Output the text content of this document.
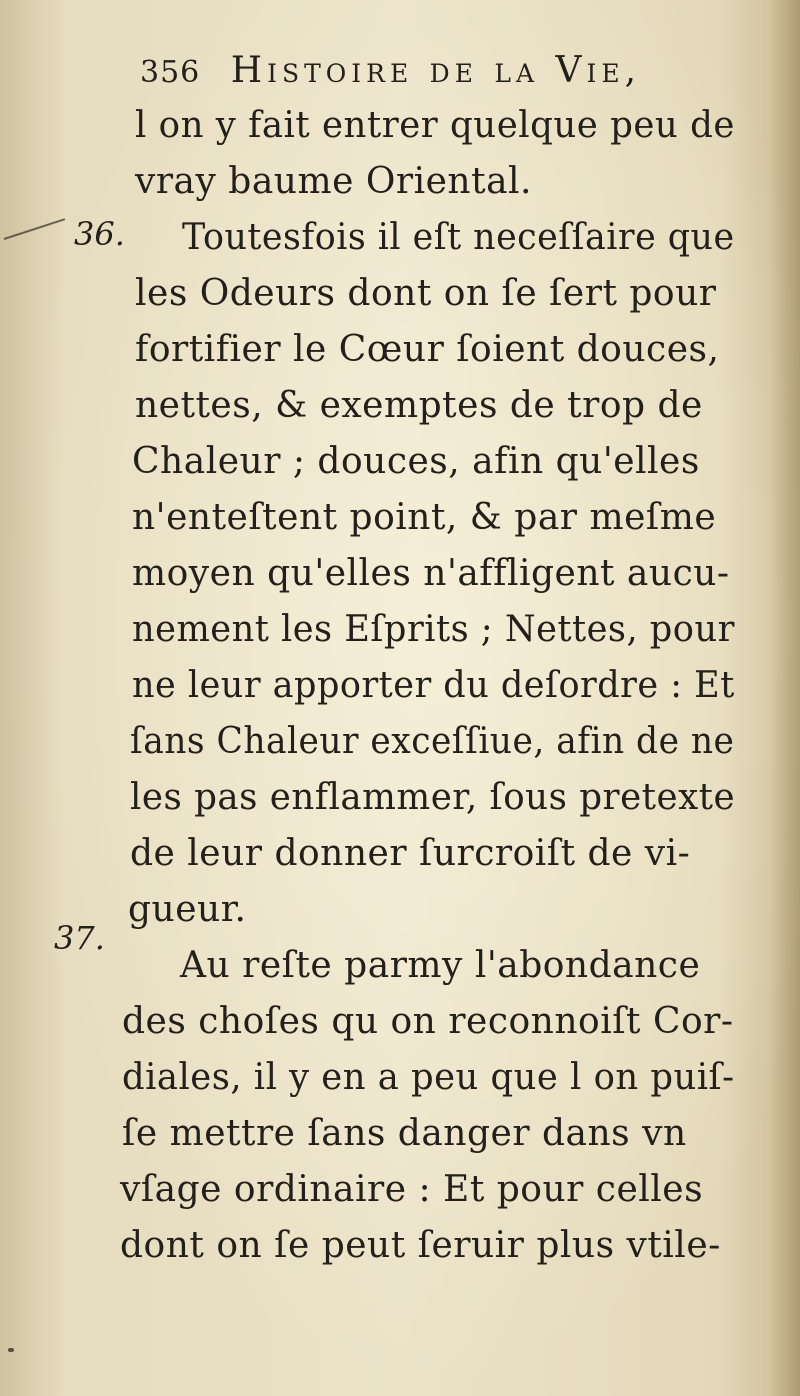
356 Histoire de la Vie,
36.
37.
l on y fait entrer quelque peu de
vray baume Oriental.
Toutesfois il eſt neceſſaire que
les Odeurs dont on ſe ſert pour
fortifier le Cœur ſoient douces,
nettes, & exemptes de trop de
Chaleur ; douces, afin qu'elles
n'enteſtent point, & par meſme
moyen qu'elles n'affligent aucu-
nement les Eſprits ; Nettes, pour
ne leur apporter du deſordre : Et
ſans Chaleur exceſſiue, afin de ne
les pas enflammer, ſous pretexte
de leur donner ſurcroiſt de vi-
gueur.
Au reſte parmy l'abondance
des choſes qu on reconnoiſt Cor-
diales, il y en a peu que l on puiſ-
ſe mettre ſans danger dans vn
vſage ordinaire : Et pour celles
dont on ſe peut ſeruir plus vtile-
